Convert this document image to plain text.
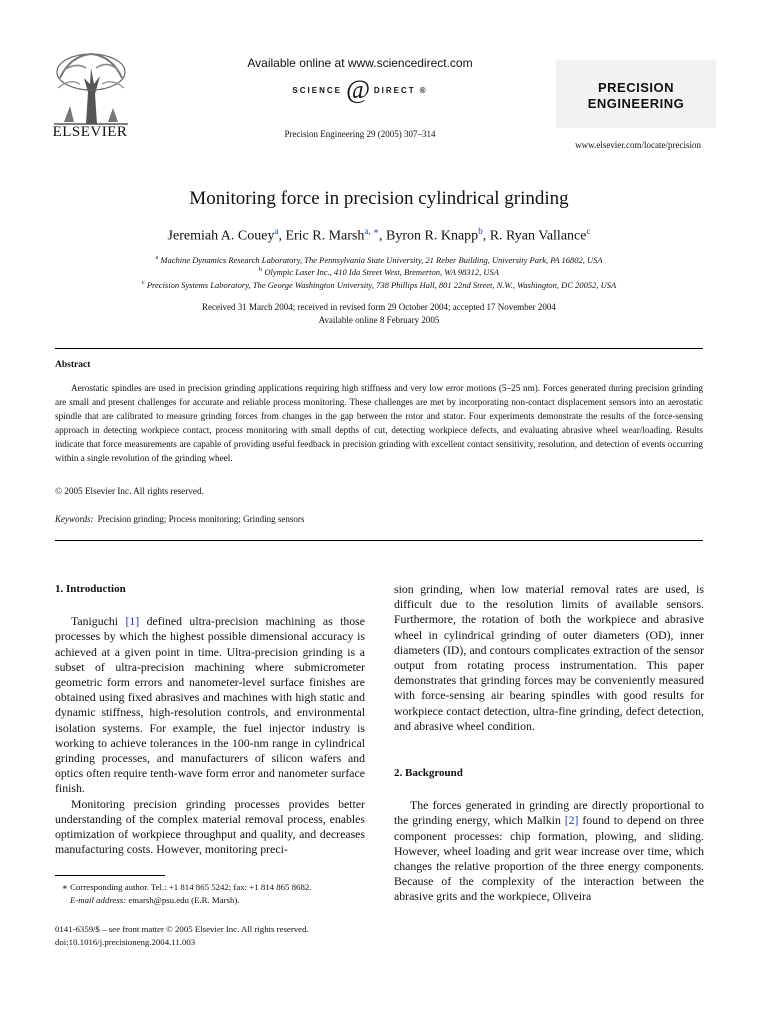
ELSEVIER
Available online at www.sciencedirect.com
SCIENCE @ DIRECT ®
Precision Engineering 29 (2005) 307–314
PRECISION
ENGINEERING
www.elsevier.com/locate/precision
Monitoring force in precision cylindrical grinding
Jeremiah A. Couey$^a$, Eric R. Marsh$^{a, ∗}$, Byron R. Knapp$^b$, R. Ryan Vallance$^c$
$^a$ Machine Dynamics Research Laboratory, The Pennsylvania State University, 21 Reber Building, University Park, PA 16802, USA
$^b$ Olympic Laser Inc., 410 Ida Street West, Bremerton, WA 98312, USA
$^c$ Precision Systems Laboratory, The George Washington University, 738 Phillips Hall, 801 22nd Street, N.W., Washington, DC 20052, USA
Received 31 March 2004; received in revised form 29 October 2004; accepted 17 November 2004
Available online 8 February 2005
Abstract
Aerostatic spindles are used in precision grinding applications requiring high stiffness and very low error motions (5–25 nm). Forces generated during precision grinding are small and present challenges for accurate and reliable process monitoring. These challenges are met by incorporating non-contact displacement sensors into an aerostatic spindle that are calibrated to measure grinding forces from changes in the gap between the rotor and stator. Four experiments demonstrate the results of the force-sensing approach in detecting workpiece contact, process monitoring with small depths of cut, detecting workpiece defects, and evaluating abrasive wheel wear/loading. Results indicate that force measurements are capable of providing useful feedback in precision grinding with excellent contact sensitivity, resolution, and detection of events occurring within a single revolution of the grinding wheel.
© 2005 Elsevier Inc. All rights reserved.
Keywords: Precision grinding; Process monitoring; Grinding sensors

1. Introduction

Taniguchi [1] defined ultra-precision machining as those processes by which the highest possible dimensional accuracy is achieved at a given point in time. Ultra-precision grinding is a subset of ultra-precision machining where submicrometer geometric form errors and nanometer-level surface finishes are obtained using fixed abrasives and machines with high static and dynamic stiffness, high-resolution controls, and environmental isolation systems. For example, the fuel injector industry is working to achieve tolerances in the 100-nm range in cylindrical grinding processes, and manufacturers of silicon wafers and optics often require tenth-wave form error and nanometer surface finish.

Monitoring precision grinding processes provides better understanding of the complex material removal process, enables optimization of workpiece throughput and quality, and decreases manufacturing costs. However, monitoring preci-

sion grinding, when low material removal rates are used, is difficult due to the resolution limits of available sensors. Furthermore, the rotation of both the workpiece and abrasive wheel in cylindrical grinding of outer diameters (OD), inner diameters (ID), and contours complicates extraction of the sensor output from rotating process instrumentation. This paper demonstrates that grinding forces may be conveniently measured with force-sensing air bearing spindles with good results for workpiece contact detection, ultra-fine grinding, defect detection, and abrasive wheel condition.

2. Background

The forces generated in grinding are directly proportional to the grinding energy, which Malkin [2] found to depend on three component processes: chip formation, plowing, and sliding. However, wheel loading and grit wear increase over time, which changes the relative proportion of the three energy components. Because of the complexity of the interaction between the abrasive grits and the workpiece, Oliveira

∗ Corresponding author. Tel.: +1 814 865 5242; fax: +1 814 865 8682.
E-mail address: emarsh@psu.edu (E.R. Marsh).
0141-6359/$ – see front matter © 2005 Elsevier Inc. All rights reserved.
doi:10.1016/j.precisioneng.2004.11.003
